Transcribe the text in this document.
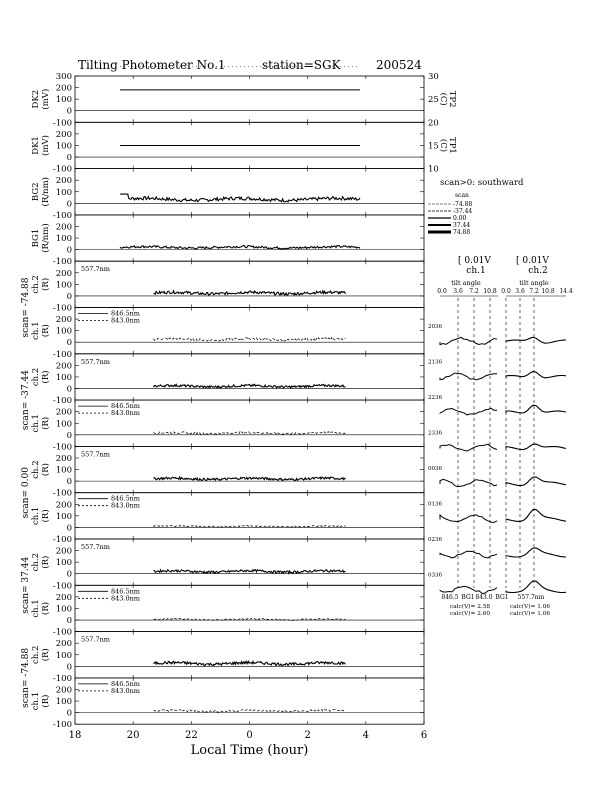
Tilting Photometer No.1	station=SGK	200524
-100
0
100
200
300
DK2 (mV)
-100
0
100
200
DK1 (mV)
-100
0
100
200
BG2 (R/nm)
-100
0
100
200
BG1 (R/nm)
-100
0
100
200
ch.2 (R)
-100
0
100
200
ch.1 (R)
-100
0
100
200
ch.2 (R)
-100
0
100
200
ch.1 (R)
-100
0
100
200
ch.2 (R)
-100
0
100
200
ch.1 (R)
-100
0
100
200
ch.2 (R)
-100
0
100
200
ch.1 (R)
-100
0
100
200
ch.2 (R)
-100
0
100
200
ch.1 (R)
18	20	22	0	2	4	6
Local Time (hour)
30
25
20
15
10
TP2
(C)
TP1
(C)
scan= -74.88
557.7nm
846.5nm
843.0nm
scan= -37.44
557.7nm
846.5nm
843.0nm
scan= 0.00
557.7nm
846.5nm
843.0nm
scan= 37.44
557.7nm
846.5nm
843.0nm
scan= -74.88
557.7nm
846.5nm
843.0nm
scan>0: southward
scan
-74.88
-37.44
0.00
37.44
74.88
[ 0.01V	[ 0.01V
ch.1	ch.2
0.0 3.6 7.2 10.8 0.0 3.6 7.2 10.8 14.4
tilt angle	tilt angle
2036
2136
2236
2336
0036
0136
0236
0336
846.5 BG1 843.0 BG1 557.7nm
calc(V)= 2.58
calc(V)= 2.60
calc(V)= 1.06
calc(V)= 1.06
